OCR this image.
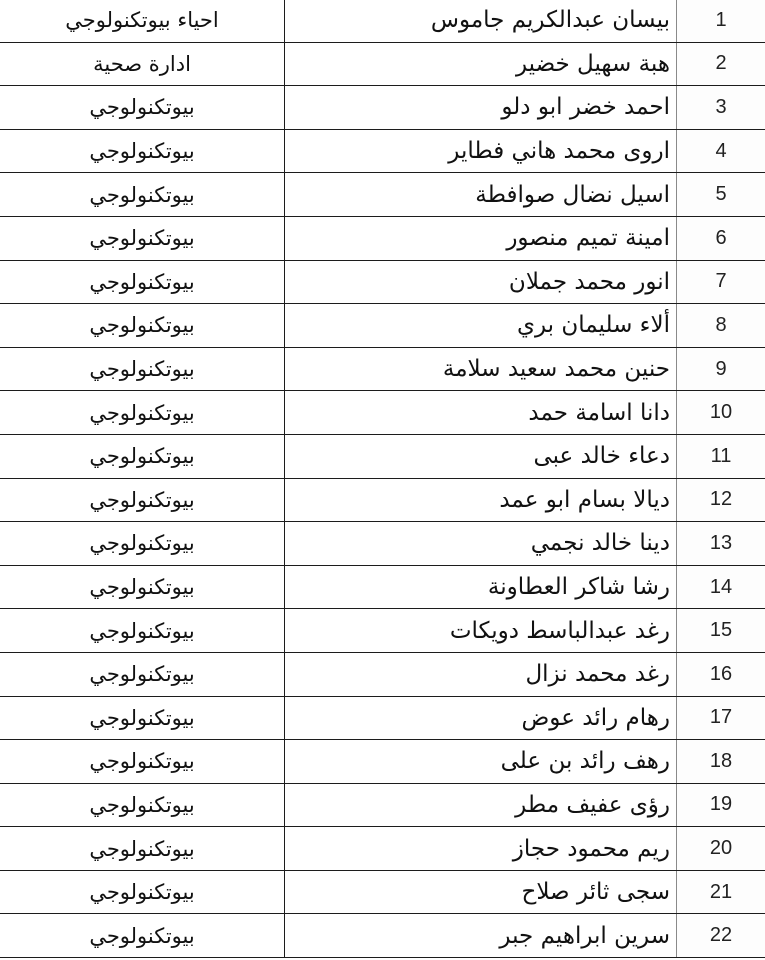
احياء بيوتكنولوجي	بيسان عبدالكريم جاموس	1
ادارة صحية	هبة سهيل خضير	2
بيوتكنولوجي	احمد خضر ابو دلو	3
بيوتكنولوجي	اروى محمد هاني فطاير	4
بيوتكنولوجي	اسيل نضال صوافطة	5
بيوتكنولوجي	امينة تميم منصور	6
بيوتكنولوجي	انور محمد جملان	7
بيوتكنولوجي	ألاء سليمان بري	8
بيوتكنولوجي	حنين محمد سعيد سلامة	9
بيوتكنولوجي	دانا اسامة حمد	10
بيوتكنولوجي	دعاء خالد عبى	11
بيوتكنولوجي	ديالا بسام ابو عمد	12
بيوتكنولوجي	دينا خالد نجمي	13
بيوتكنولوجي	رشا شاكر العطاونة	14
بيوتكنولوجي	رغد عبدالباسط دويكات	15
بيوتكنولوجي	رغد محمد نزال	16
بيوتكنولوجي	رهام رائد عوض	17
بيوتكنولوجي	رهف رائد بن على	18
بيوتكنولوجي	رؤى عفيف مطر	19
بيوتكنولوجي	ريم محمود حجاز	20
بيوتكنولوجي	سجى ثائر صلاح	21
بيوتكنولوجي	سرين ابراهيم جبر	22
